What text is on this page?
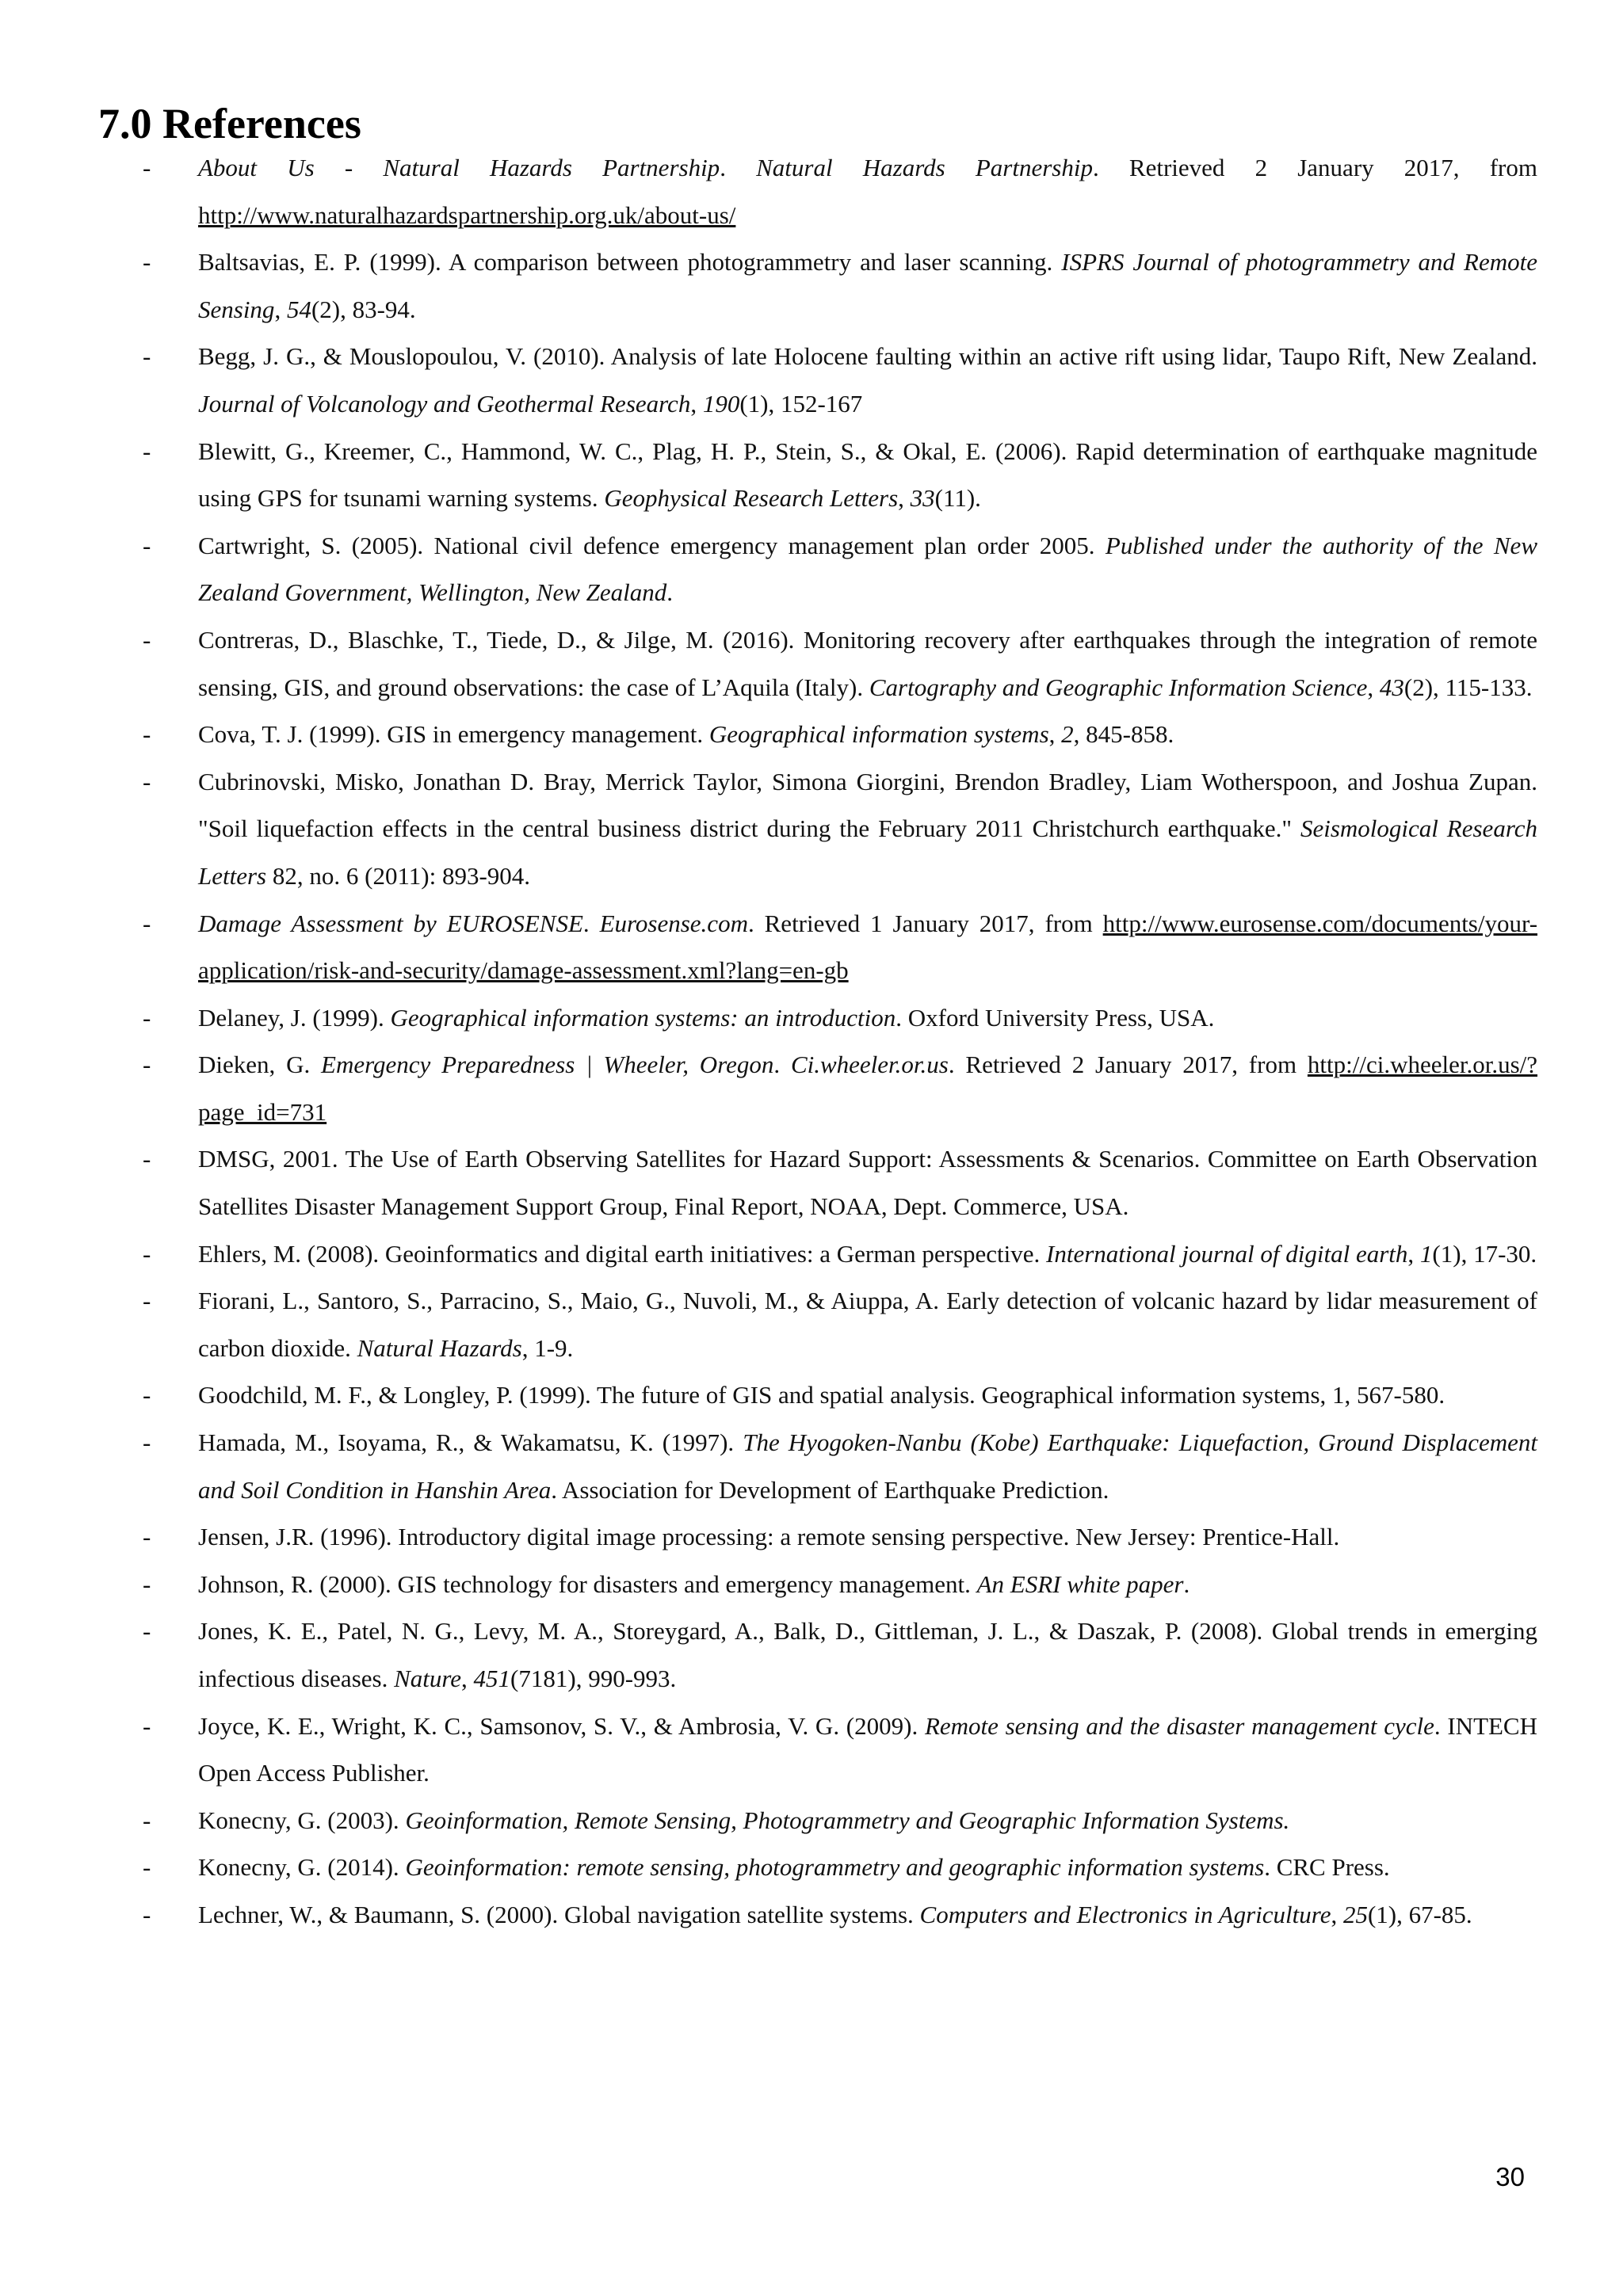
7.0 References
- About Us - Natural Hazards Partnership. Natural Hazards Partnership. Retrieved 2 January 2017, from http://www.naturalhazardspartnership.org.uk/about-us/
- Baltsavias, E. P. (1999). A comparison between photogrammetry and laser scanning. ISPRS Journal of photogrammetry and Remote Sensing, 54(2), 83-94.
- Begg, J. G., & Mouslopoulou, V. (2010). Analysis of late Holocene faulting within an active rift using lidar, Taupo Rift, New Zealand. Journal of Volcanology and Geothermal Research, 190(1), 152-167
- Blewitt, G., Kreemer, C., Hammond, W. C., Plag, H. P., Stein, S., & Okal, E. (2006). Rapid determination of earthquake magnitude using GPS for tsunami warning systems. Geophysical Research Letters, 33(11).
- Cartwright, S. (2005). National civil defence emergency management plan order 2005. Published under the authority of the New Zealand Government, Wellington, New Zealand.
- Contreras, D., Blaschke, T., Tiede, D., & Jilge, M. (2016). Monitoring recovery after earthquakes through the integration of remote sensing, GIS, and ground observations: the case of L’Aquila (Italy). Cartography and Geographic Information Science, 43(2), 115-133.
- Cova, T. J. (1999). GIS in emergency management. Geographical information systems, 2, 845-858.
- Cubrinovski, Misko, Jonathan D. Bray, Merrick Taylor, Simona Giorgini, Brendon Bradley, Liam Wotherspoon, and Joshua Zupan. "Soil liquefaction effects in the central business district during the February 2011 Christchurch earthquake." Seismological Research Letters 82, no. 6 (2011): 893-904.
- Damage Assessment by EUROSENSE. Eurosense.com. Retrieved 1 January 2017, from http://www.eurosense.com/documents/your-application/risk-and-security/damage-assessment.xml?lang=en-gb
- Delaney, J. (1999). Geographical information systems: an introduction. Oxford University Press, USA.
- Dieken, G. Emergency Preparedness | Wheeler, Oregon. Ci.wheeler.or.us. Retrieved 2 January 2017, from http://ci.wheeler.or.us/?page_id=731
- DMSG, 2001. The Use of Earth Observing Satellites for Hazard Support: Assessments & Scenarios. Committee on Earth Observation Satellites Disaster Management Support Group, Final Report, NOAA, Dept. Commerce, USA.
- Ehlers, M. (2008). Geoinformatics and digital earth initiatives: a German perspective. International journal of digital earth, 1(1), 17-30.
- Fiorani, L., Santoro, S., Parracino, S., Maio, G., Nuvoli, M., & Aiuppa, A. Early detection of volcanic hazard by lidar measurement of carbon dioxide. Natural Hazards, 1-9.
- Goodchild, M. F., & Longley, P. (1999). The future of GIS and spatial analysis. Geographical information systems, 1, 567-580.
- Hamada, M., Isoyama, R., & Wakamatsu, K. (1997). The Hyogoken-Nanbu (Kobe) Earthquake: Liquefaction, Ground Displacement and Soil Condition in Hanshin Area. Association for Development of Earthquake Prediction.
- Jensen, J.R. (1996). Introductory digital image processing: a remote sensing perspective. New Jersey: Prentice-Hall.
- Johnson, R. (2000). GIS technology for disasters and emergency management. An ESRI white paper.
- Jones, K. E., Patel, N. G., Levy, M. A., Storeygard, A., Balk, D., Gittleman, J. L., & Daszak, P. (2008). Global trends in emerging infectious diseases. Nature, 451(7181), 990-993.
- Joyce, K. E., Wright, K. C., Samsonov, S. V., & Ambrosia, V. G. (2009). Remote sensing and the disaster management cycle. INTECH Open Access Publisher.
- Konecny, G. (2003). Geoinformation, Remote Sensing, Photogrammetry and Geographic Information Systems.
- Konecny, G. (2014). Geoinformation: remote sensing, photogrammetry and geographic information systems. CRC Press.
- Lechner, W., & Baumann, S. (2000). Global navigation satellite systems. Computers and Electronics in Agriculture, 25(1), 67-85.
30
